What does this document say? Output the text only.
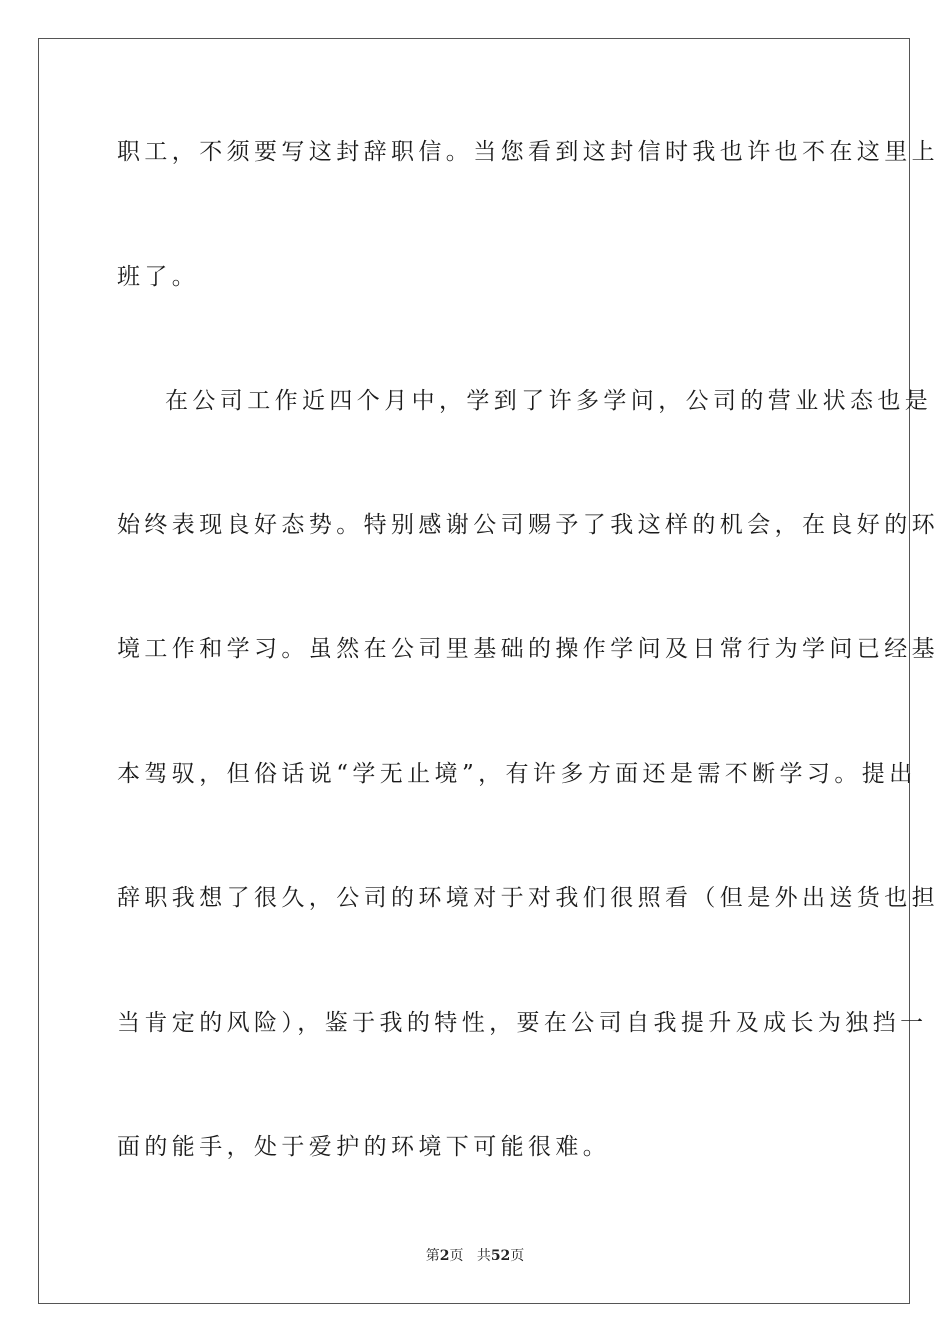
职工，不须要写这封辞职信。当您看到这封信时我也许也不在这里上
班了。
在公司工作近四个月中，学到了许多学问，公司的营业状态也是
始终表现良好态势。特别感谢公司赐予了我这样的机会，在良好的环
境工作和学习。虽然在公司里基础的操作学问及日常行为学问已经基
本驾驭，但俗话说“学无止境”，有许多方面还是需不断学习。提出
辞职我想了很久，公司的环境对于对我们很照看（但是外出送货也担
当肯定的风险），鉴于我的特性，要在公司自我提升及成长为独挡一
面的能手，处于爱护的环境下可能很难。
第2页 共52页
